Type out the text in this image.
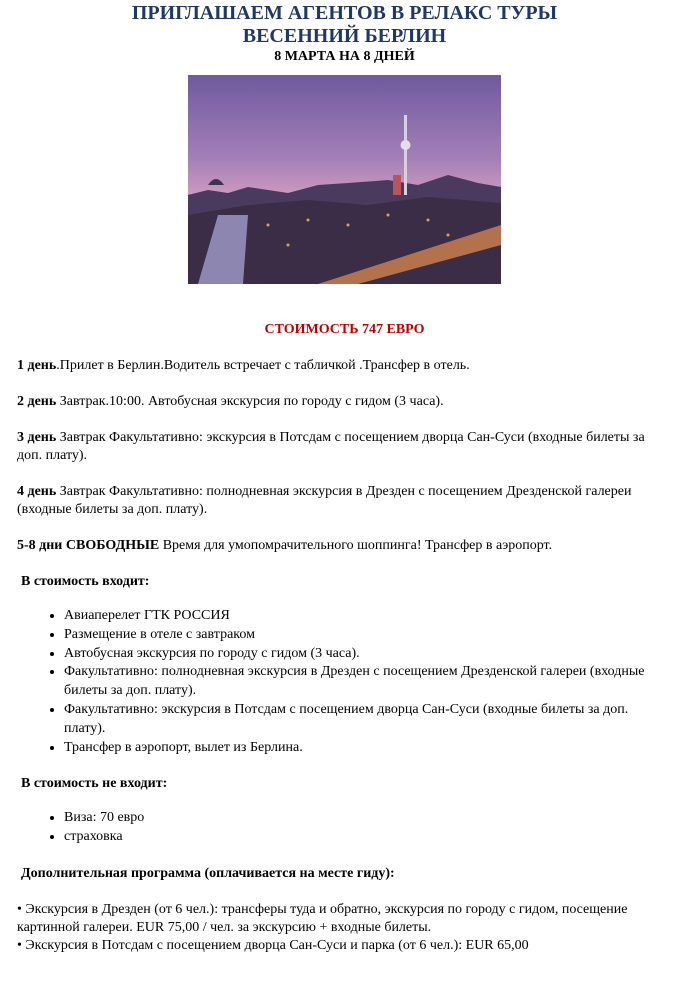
ПРИГЛАШАЕМ АГЕНТОВ В РЕЛАКС ТУРЫ
ВЕСЕННИЙ БЕРЛИН
8 МАРТА НА 8 ДНЕЙ
СТОИМОСТЬ 747 ЕВРО

1 день.Прилет в Берлин.Водитель встречает с табличкой .Трансфер в отель.

2 день Завтрак.10:00. Автобусная экскурсия по городу с гидом (3 часа).

3 день Завтрак Факультативно: экскурсия в Потсдам с посещением дворца Сан-Суси (входные билеты за доп. плату).

4 день Завтрак Факультативно: полнодневная экскурсия в Дрезден с посещением Дрезденской галереи (входные билеты за доп. плату).

5-8 дни СВОБОДНЫЕ Время для умопомрачительного шоппинга! Трансфер в аэропорт.

В стоимость входит:

• Авиаперелет ГТК РОССИЯ
• Размещение в отеле с завтраком
• Автобусная экскурсия по городу с гидом (3 часа).
• Факультативно: полнодневная экскурсия в Дрезден с посещением Дрезденской галереи (входные билеты за доп. плату).
• Факультативно: экскурсия в Потсдам с посещением дворца Сан-Суси (входные билеты за доп. плату).
• Трансфер в аэропорт, вылет из Берлина.

В стоимость не входит:

• Виза: 70 евро
• страховка

Дополнительная программа (оплачивается на месте гиду):

• Экскурсия в Дрезден (от 6 чел.): трансферы туда и обратно, экскурсия по городу с гидом, посещение картинной галереи. EUR 75,00 / чел. за экскурсию + входные билеты.
• Экскурсия в Потсдам с посещением дворца Сан-Суси и парка (от 6 чел.): EUR 65,00
